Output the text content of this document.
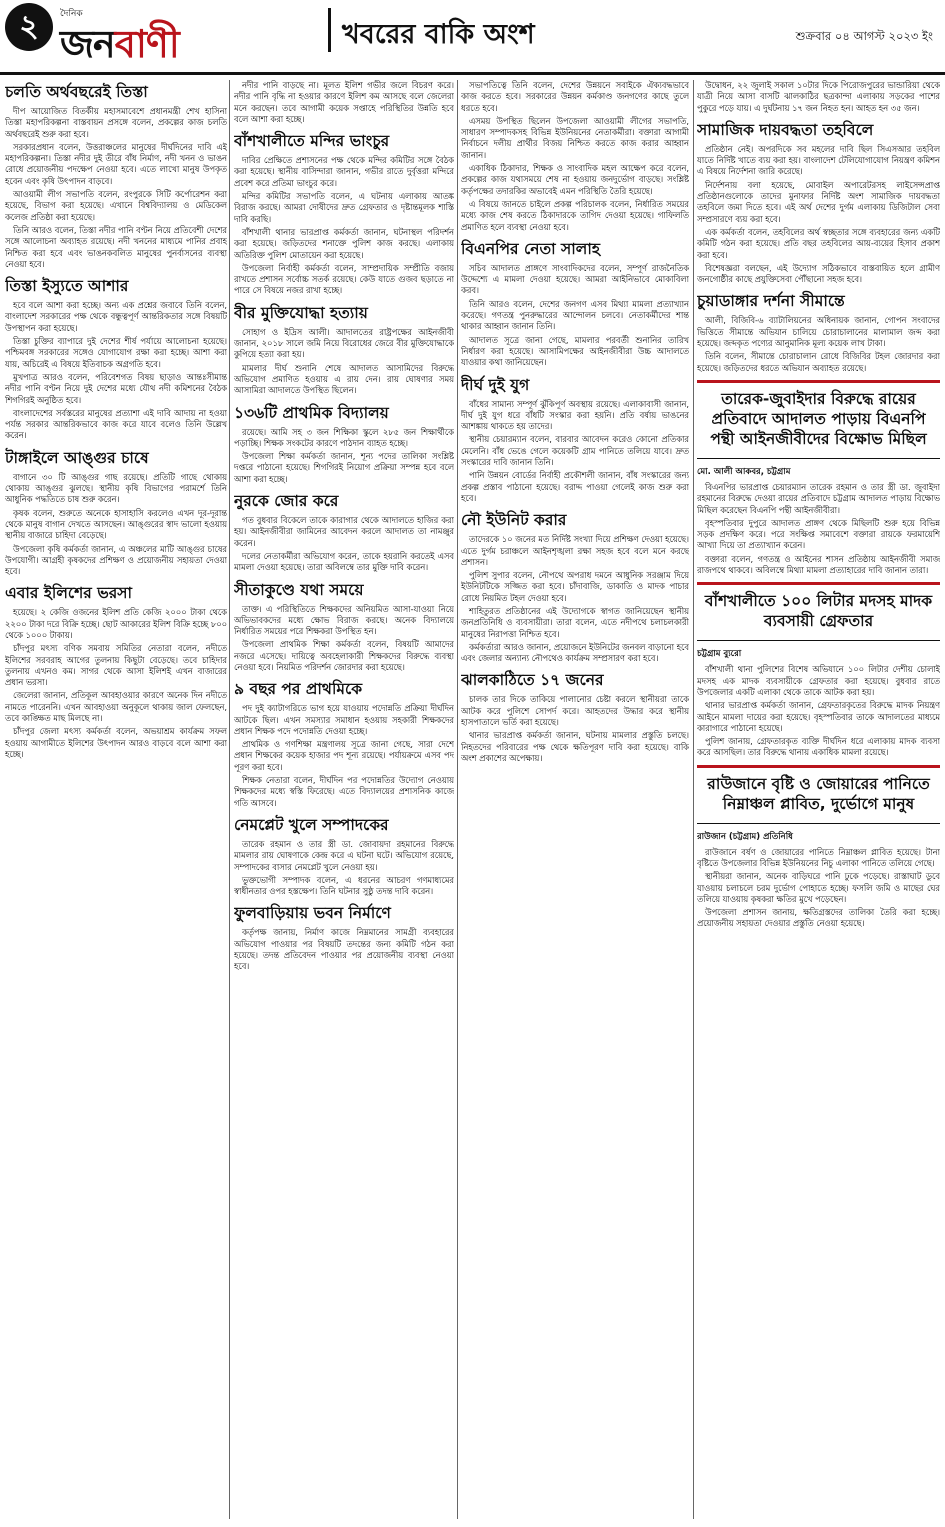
২	দৈনিক
জনবাণী	খবরের বাকি অংশ	শুক্রবার ০৪ আগস্ট ২০২৩ ইং
চলতি অর্থবছরেই তিস্তা

দীপ আয়োজিত বিতর্কীয় মহাসমাবেশে প্রধানমন্ত্রী শেখ হাসিনা তিস্তা মহাপরিকল্পনা বাস্তবায়ন প্রসঙ্গে বলেন, প্রকল্পের কাজ চলতি অর্থবছরেই শুরু করা হবে।

সরকারপ্রধান বলেন, উত্তরাঞ্চলের মানুষের দীর্ঘদিনের দাবি এই মহাপরিকল্পনা। তিস্তা নদীর দুই তীরে বাঁধ নির্মাণ, নদী খনন ও ভাঙন রোধে প্রয়োজনীয় পদক্ষেপ নেওয়া হবে। এতে লাখো মানুষ উপকৃত হবেন এবং কৃষি উৎপাদন বাড়বে।

আওয়ামী লীগ সভাপতি বলেন, রংপুরকে সিটি কর্পোরেশন করা হয়েছে, বিভাগ করা হয়েছে। এখানে বিশ্ববিদ্যালয় ও মেডিকেল কলেজ প্রতিষ্ঠা করা হয়েছে।

তিনি আরও বলেন, তিস্তা নদীর পানি বণ্টন নিয়ে প্রতিবেশী দেশের সঙ্গে আলোচনা অব্যাহত রয়েছে। নদী খননের মাধ্যমে পানির প্রবাহ নিশ্চিত করা হবে এবং ভাঙনকবলিত মানুষের পুনর্বাসনের ব্যবস্থা নেওয়া হবে।

তিস্তা ইস্যুতে আশার

হবে বলে আশা করা হচ্ছে। অন্য এক প্রশ্নের জবাবে তিনি বলেন, বাংলাদেশ সরকারের পক্ষ থেকে বন্ধুত্বপূর্ণ আন্তরিকতার সঙ্গে বিষয়টি উপস্থাপন করা হয়েছে।

তিস্তা চুক্তির ব্যাপারে দুই দেশের শীর্ষ পর্যায়ে আলোচনা হয়েছে। পশ্চিমবঙ্গ সরকারের সঙ্গেও যোগাযোগ রক্ষা করা হচ্ছে। আশা করা যায়, অচিরেই এ বিষয়ে ইতিবাচক অগ্রগতি হবে।

মুখপাত্র আরও বলেন, পরিবেশগত বিষয় ছাড়াও আন্তঃসীমান্ত নদীর পানি বণ্টন নিয়ে দুই দেশের মধ্যে যৌথ নদী কমিশনের বৈঠক শিগগিরই অনুষ্ঠিত হবে।

বাংলাদেশের সর্বস্তরের মানুষের প্রত্যাশা এই দাবি আদায় না হওয়া পর্যন্ত সরকার আন্তরিকভাবে কাজ করে যাবে বলেও তিনি উল্লেখ করেন।

টাঙ্গাইলে আঙ্গুর চাষে

বাগানে ৩০ টি আঙ্গুর গাছ রয়েছে। প্রতিটি গাছে থোকায় থোকায় আঙ্গুর ঝুলছে। স্থানীয় কৃষি বিভাগের পরামর্শে তিনি আধুনিক পদ্ধতিতে চাষ শুরু করেন।

কৃষক বলেন, শুরুতে অনেকে হাসাহাসি করলেও এখন দূর-দূরান্ত থেকে মানুষ বাগান দেখতে আসছেন। আঙ্গুরের স্বাদ ভালো হওয়ায় স্থানীয় বাজারে চাহিদা বেড়েছে।

উপজেলা কৃষি কর্মকর্তা জানান, এ অঞ্চলের মাটি আঙ্গুর চাষের উপযোগী। আগ্রহী কৃষকদের প্রশিক্ষণ ও প্রয়োজনীয় সহায়তা দেওয়া হবে।

এবার ইলিশের ভরসা

হয়েছে। ২ কেজি ওজনের ইলিশ প্রতি কেজি ২০০০ টাকা থেকে ২২০০ টাকা দরে বিক্রি হচ্ছে। ছোট আকারের ইলিশ বিক্রি হচ্ছে ৮০০ থেকে ১০০০ টাকায়।

চাঁদপুর মৎস্য বণিক সমবায় সমিতির নেতারা বলেন, নদীতে ইলিশের সরবরাহ আগের তুলনায় কিছুটা বেড়েছে। তবে চাহিদার তুলনায় এখনও কম। সাগর থেকে আসা ইলিশই এখন বাজারের প্রধান ভরসা।

জেলেরা জানান, প্রতিকূল আবহাওয়ার কারণে অনেক দিন নদীতে নামতে পারেননি। এখন আবহাওয়া অনুকূলে থাকায় জাল ফেলছেন, তবে কাঙ্ক্ষিত মাছ মিলছে না।

চাঁদপুর জেলা মৎস্য কর্মকর্তা বলেন, অভয়াশ্রম কার্যক্রম সফল হওয়ায় আগামীতে ইলিশের উৎপাদন আরও বাড়বে বলে আশা করা হচ্ছে।

নদীর পানি বাড়ছে না। মূলত ইলিশ গভীর জলে বিচরণ করে। নদীর পানি বৃদ্ধি না হওয়ার কারণে ইলিশ কম আসছে বলে জেলেরা মনে করছেন। তবে আগামী কয়েক সপ্তাহে পরিস্থিতির উন্নতি হবে বলে আশা করা হচ্ছে।

বাঁশখালীতে মন্দির ভাংচুর

দাবির প্রেক্ষিতে প্রশাসনের পক্ষ থেকে মন্দির কমিটির সঙ্গে বৈঠক করা হয়েছে। স্থানীয় বাসিন্দারা জানান, গভীর রাতে দুর্বৃত্তরা মন্দিরে প্রবেশ করে প্রতিমা ভাংচুর করে।

মন্দির কমিটির সভাপতি বলেন, এ ঘটনায় এলাকায় আতঙ্ক বিরাজ করছে। আমরা দোষীদের দ্রুত গ্রেফতার ও দৃষ্টান্তমূলক শাস্তি দাবি করছি।

বাঁশখালী থানার ভারপ্রাপ্ত কর্মকর্তা জানান, ঘটনাস্থল পরিদর্শন করা হয়েছে। জড়িতদের শনাক্তে পুলিশ কাজ করছে। এলাকায় অতিরিক্ত পুলিশ মোতায়েন করা হয়েছে।

উপজেলা নির্বাহী কর্মকর্তা বলেন, সাম্প্রদায়িক সম্প্রীতি বজায় রাখতে প্রশাসন সর্বোচ্চ সতর্ক রয়েছে। কেউ যাতে গুজব ছড়াতে না পারে সে বিষয়ে নজর রাখা হচ্ছে।

বীর মুক্তিযোদ্ধা হত্যায়

সোহাগ ও ইদ্রিস আলী। আদালতের রাষ্ট্রপক্ষের আইনজীবী জানান, ২০১৮ সালে জমি নিয়ে বিরোধের জেরে বীর মুক্তিযোদ্ধাকে কুপিয়ে হত্যা করা হয়।

মামলার দীর্ঘ শুনানি শেষে আদালত আসামিদের বিরুদ্ধে অভিযোগ প্রমাণিত হওয়ায় এ রায় দেন। রায় ঘোষণার সময় আসামিরা আদালতে উপস্থিত ছিলেন।

১৩৬টি প্রাথমিক বিদ্যালয়

রয়েছে। আমি সহ ৩ জন শিক্ষিকা স্কুলে ২৮৫ জন শিক্ষার্থীকে পড়াচ্ছি। শিক্ষক সংকটের কারণে পাঠদান ব্যাহত হচ্ছে।

উপজেলা শিক্ষা কর্মকর্তা জানান, শূন্য পদের তালিকা সংশ্লিষ্ট দপ্তরে পাঠানো হয়েছে। শিগগিরই নিয়োগ প্রক্রিয়া সম্পন্ন হবে বলে আশা করা হচ্ছে।

নুরকে জোর করে

গত বুধবার বিকেলে তাকে কারাগার থেকে আদালতে হাজির করা হয়। আইনজীবীরা জামিনের আবেদন করলে আদালত তা নামঞ্জুর করেন।

দলের নেতাকর্মীরা অভিযোগ করেন, তাকে হয়রানি করতেই এসব মামলা দেওয়া হয়েছে। তারা অবিলম্বে তার মুক্তি দাবি করেন।

সীতাকুণ্ডে যথা সময়ে

তাক্ত। এ পরিস্থিতিতে শিক্ষকদের অনিয়মিত আসা-যাওয়া নিয়ে অভিভাবকদের মধ্যে ক্ষোভ বিরাজ করছে। অনেক বিদ্যালয়ে নির্ধারিত সময়ের পরে শিক্ষকরা উপস্থিত হন।

উপজেলা প্রাথমিক শিক্ষা কর্মকর্তা বলেন, বিষয়টি আমাদের নজরে এসেছে। দায়িত্বে অবহেলাকারী শিক্ষকদের বিরুদ্ধে ব্যবস্থা নেওয়া হবে। নিয়মিত পরিদর্শন জোরদার করা হয়েছে।

৯ বছর পর প্রাথমিকে

পদ দুই ক্যাটাগরিতে ভাগ হয়ে যাওয়ায় পদোন্নতি প্রক্রিয়া দীর্ঘদিন আটকে ছিল। এখন সমস্যার সমাধান হওয়ায় সহকারী শিক্ষকদের প্রধান শিক্ষক পদে পদোন্নতি দেওয়া হচ্ছে।

প্রাথমিক ও গণশিক্ষা মন্ত্রণালয় সূত্রে জানা গেছে, সারা দেশে প্রধান শিক্ষকের কয়েক হাজার পদ শূন্য রয়েছে। পর্যায়ক্রমে এসব পদ পূরণ করা হবে।

শিক্ষক নেতারা বলেন, দীর্ঘদিন পর পদোন্নতির উদ্যোগ নেওয়ায় শিক্ষকদের মধ্যে স্বস্তি ফিরেছে। এতে বিদ্যালয়ের প্রশাসনিক কাজে গতি আসবে।

নেমপ্লেট খুলে সম্পাদকের

তারেক রহমান ও তার স্ত্রী ডা. জোবায়দা রহমানের বিরুদ্ধে মামলার রায় ঘোষণাকে কেন্দ্র করে এ ঘটনা ঘটে। অভিযোগ রয়েছে, সম্পাদকের বাসার নেমপ্লেট খুলে নেওয়া হয়।

ভুক্তভোগী সম্পাদক বলেন, এ ধরনের আচরণ গণমাধ্যমের স্বাধীনতার ওপর হস্তক্ষেপ। তিনি ঘটনার সুষ্ঠু তদন্ত দাবি করেন।

ফুলবাড়িয়ায় ভবন নির্মাণে

কর্তৃপক্ষ জানায়, নির্মাণ কাজে নিম্নমানের সামগ্রী ব্যবহারের অভিযোগ পাওয়ার পর বিষয়টি তদন্তের জন্য কমিটি গঠন করা হয়েছে। তদন্ত প্রতিবেদন পাওয়ার পর প্রয়োজনীয় ব্যবস্থা নেওয়া হবে।

সভাপতিত্বে তিনি বলেন, দেশের উন্নয়নে সবাইকে ঐক্যবদ্ধভাবে কাজ করতে হবে। সরকারের উন্নয়ন কর্মকাণ্ড জনগণের কাছে তুলে ধরতে হবে।

এসময় উপস্থিত ছিলেন উপজেলা আওয়ামী লীগের সভাপতি, সাধারণ সম্পাদকসহ বিভিন্ন ইউনিয়নের নেতাকর্মীরা। বক্তারা আগামী নির্বাচনে দলীয় প্রার্থীর বিজয় নিশ্চিত করতে কাজ করার আহ্বান জানান।

একাধিক ঠিকাদার, শিক্ষক ও সাংবাদিক মহল আক্ষেপ করে বলেন, প্রকল্পের কাজ যথাসময়ে শেষ না হওয়ায় জনদুর্ভোগ বাড়ছে। সংশ্লিষ্ট কর্তৃপক্ষের তদারকির অভাবেই এমন পরিস্থিতি তৈরি হয়েছে।

এ বিষয়ে জানতে চাইলে প্রকল্প পরিচালক বলেন, নির্ধারিত সময়ের মধ্যে কাজ শেষ করতে ঠিকাদারকে তাগিদ দেওয়া হয়েছে। গাফিলতি প্রমাণিত হলে ব্যবস্থা নেওয়া হবে।

বিএনপির নেতা সালাহ

সচিব আদালত প্রাঙ্গণে সাংবাদিকদের বলেন, সম্পূর্ণ রাজনৈতিক উদ্দেশ্যে এ মামলা দেওয়া হয়েছে। আমরা আইনিভাবে মোকাবিলা করব।

তিনি আরও বলেন, দেশের জনগণ এসব মিথ্যা মামলা প্রত্যাখ্যান করেছে। গণতন্ত্র পুনরুদ্ধারের আন্দোলন চলবে। নেতাকর্মীদের শান্ত থাকার আহ্বান জানান তিনি।

আদালত সূত্রে জানা গেছে, মামলার পরবর্তী শুনানির তারিখ নির্ধারণ করা হয়েছে। আসামিপক্ষের আইনজীবীরা উচ্চ আদালতে যাওয়ার কথা জানিয়েছেন।

দীর্ঘ দুই যুগ

বাঁধের সামান্য সম্পূর্ণ ঝুঁকিপূর্ণ অবস্থায় রয়েছে। এলাকাবাসী জানান, দীর্ঘ দুই যুগ ধরে বাঁধটি সংস্কার করা হয়নি। প্রতি বর্ষায় ভাঙনের আশঙ্কায় থাকতে হয় তাদের।

স্থানীয় চেয়ারম্যান বলেন, বারবার আবেদন করেও কোনো প্রতিকার মেলেনি। বাঁধ ভেঙে গেলে কয়েকটি গ্রাম পানিতে তলিয়ে যাবে। দ্রুত সংস্কারের দাবি জানান তিনি।

পানি উন্নয়ন বোর্ডের নির্বাহী প্রকৌশলী জানান, বাঁধ সংস্কারের জন্য প্রকল্প প্রস্তাব পাঠানো হয়েছে। বরাদ্দ পাওয়া গেলেই কাজ শুরু করা হবে।

নৌ ইউনিট করার

তাদেরকে ১০ জনের মত নির্দিষ্ট সংখ্যা দিয়ে প্রশিক্ষণ দেওয়া হয়েছে। এতে দুর্গম চরাঞ্চলে আইনশৃঙ্খলা রক্ষা সহজ হবে বলে মনে করছে প্রশাসন।

পুলিশ সুপার বলেন, নৌপথে অপরাধ দমনে আধুনিক সরঞ্জাম দিয়ে ইউনিটটিকে সজ্জিত করা হবে। চাঁদাবাজি, ডাকাতি ও মাদক পাচার রোধে নিয়মিত টহল দেওয়া হবে।

শাহিতুরত প্রতিষ্ঠানের এই উদ্যোগকে স্বাগত জানিয়েছেন স্থানীয় জনপ্রতিনিধি ও ব্যবসায়ীরা। তারা বলেন, এতে নদীপথে চলাচলকারী মানুষের নিরাপত্তা নিশ্চিত হবে।

কর্মকর্তারা আরও জানান, প্রয়োজনে ইউনিটের জনবল বাড়ানো হবে এবং জেলার অন্যান্য নৌপথেও কার্যক্রম সম্প্রসারণ করা হবে।

ঝালকাঠিতে ১৭ জনের

চালক তার দিকে তাকিয়ে পালানোর চেষ্টা করলে স্থানীয়রা তাকে আটক করে পুলিশে সোপর্দ করে। আহতদের উদ্ধার করে স্থানীয় হাসপাতালে ভর্তি করা হয়েছে।

থানার ভারপ্রাপ্ত কর্মকর্তা জানান, ঘটনায় মামলার প্রস্তুতি চলছে। নিহতদের পরিবারের পক্ষ থেকে ক্ষতিপূরণ দাবি করা হয়েছে। বাকি অংশ প্রকাশের অপেক্ষায়।

উদ্বোধন, ২২ জুলাই সকাল ১০টার দিকে পিরোজপুরের ভান্ডারিয়া থেকে যাত্রী নিয়ে আসা বাসটি ঝালকাঠির ছত্রকান্দা এলাকায় সড়কের পাশের পুকুরে পড়ে যায়। এ দুর্ঘটনায় ১৭ জন নিহত হন। আহত হন ৩৫ জন।

সামাজিক দায়বদ্ধতা তহবিলে

প্রতিষ্ঠান নেই। অপরদিকে সব মহলের দাবি ছিল সিএসআর তহবিল যাতে নির্দিষ্ট খাতে ব্যয় করা হয়। বাংলাদেশ টেলিযোগাযোগ নিয়ন্ত্রণ কমিশন এ বিষয়ে নির্দেশনা জারি করেছে।

নির্দেশনায় বলা হয়েছে, মোবাইল অপারেটরসহ লাইসেন্সপ্রাপ্ত প্রতিষ্ঠানগুলোকে তাদের মুনাফার নির্দিষ্ট অংশ সামাজিক দায়বদ্ধতা তহবিলে জমা দিতে হবে। এই অর্থ দেশের দুর্গম এলাকায় ডিজিটাল সেবা সম্প্রসারণে ব্যয় করা হবে।

এক কর্মকর্তা বলেন, তহবিলের অর্থ স্বচ্ছতার সঙ্গে ব্যবহারের জন্য একটি কমিটি গঠন করা হয়েছে। প্রতি বছর তহবিলের আয়-ব্যয়ের হিসাব প্রকাশ করা হবে।

বিশেষজ্ঞরা বলছেন, এই উদ্যোগ সঠিকভাবে বাস্তবায়িত হলে গ্রামীণ জনগোষ্ঠীর কাছে প্রযুক্তিসেবা পৌঁছানো সহজ হবে।

চুয়াডাঙ্গার দর্শনা সীমান্তে

আলী, বিজিবি-৬ ব্যাটালিয়নের অধিনায়ক জানান, গোপন সংবাদের ভিত্তিতে সীমান্তে অভিযান চালিয়ে চোরাচালানের মালামাল জব্দ করা হয়েছে। জব্দকৃত পণ্যের আনুমানিক মূল্য কয়েক লাখ টাকা।

তিনি বলেন, সীমান্তে চোরাচালান রোধে বিজিবির টহল জোরদার করা হয়েছে। জড়িতদের ধরতে অভিযান অব্যাহত রয়েছে।

তারেক-জুবাইদার বিরুদ্ধে রায়ের প্রতিবাদে আদালত পাড়ায় বিএনপি পন্থী আইনজীবীদের বিক্ষোভ মিছিল
মো. আলী আকবর, চট্টগ্রাম

বিএনপির ভারপ্রাপ্ত চেয়ারম্যান তারেক রহমান ও তার স্ত্রী ডা. জুবাইদা রহমানের বিরুদ্ধে দেওয়া রায়ের প্রতিবাদে চট্টগ্রাম আদালত পাড়ায় বিক্ষোভ মিছিল করেছেন বিএনপি পন্থী আইনজীবীরা।

বৃহস্পতিবার দুপুরে আদালত প্রাঙ্গণ থেকে মিছিলটি শুরু হয়ে বিভিন্ন সড়ক প্রদক্ষিণ করে। পরে সংক্ষিপ্ত সমাবেশে বক্তারা রায়কে ফরমায়েশি আখ্যা দিয়ে তা প্রত্যাখ্যান করেন।

বক্তারা বলেন, গণতন্ত্র ও আইনের শাসন প্রতিষ্ঠায় আইনজীবী সমাজ রাজপথে থাকবে। অবিলম্বে মিথ্যা মামলা প্রত্যাহারের দাবি জানান তারা।

বাঁশখালীতে ১০০ লিটার মদসহ মাদক ব্যবসায়ী গ্রেফতার
চট্টগ্রাম ব্যুরো

বাঁশখালী থানা পুলিশের বিশেষ অভিযানে ১০০ লিটার দেশীয় চোলাই মদসহ এক মাদক ব্যবসায়ীকে গ্রেফতার করা হয়েছে। বুধবার রাতে উপজেলার একটি এলাকা থেকে তাকে আটক করা হয়।

থানার ভারপ্রাপ্ত কর্মকর্তা জানান, গ্রেফতারকৃতের বিরুদ্ধে মাদক নিয়ন্ত্রণ আইনে মামলা দায়ের করা হয়েছে। বৃহস্পতিবার তাকে আদালতের মাধ্যমে কারাগারে পাঠানো হয়েছে।

পুলিশ জানায়, গ্রেফতারকৃত ব্যক্তি দীর্ঘদিন ধরে এলাকায় মাদক ব্যবসা করে আসছিল। তার বিরুদ্ধে থানায় একাধিক মামলা রয়েছে।

রাউজানে বৃষ্টি ও জোয়ারের পানিতে নিম্নাঞ্চল প্লাবিত, দুর্ভোগে মানুষ
রাউজান (চট্টগ্রাম) প্রতিনিধি

রাউজানে বর্ষণ ও জোয়ারের পানিতে নিম্নাঞ্চল প্লাবিত হয়েছে। টানা বৃষ্টিতে উপজেলার বিভিন্ন ইউনিয়নের নিচু এলাকা পানিতে তলিয়ে গেছে।

স্থানীয়রা জানান, অনেক বাড়িঘরে পানি ঢুকে পড়েছে। রাস্তাঘাট ডুবে যাওয়ায় চলাচলে চরম দুর্ভোগ পোহাতে হচ্ছে। ফসলি জমি ও মাছের ঘের তলিয়ে যাওয়ায় কৃষকরা ক্ষতির মুখে পড়েছেন।

উপজেলা প্রশাসন জানায়, ক্ষতিগ্রস্তদের তালিকা তৈরি করা হচ্ছে। প্রয়োজনীয় সহায়তা দেওয়ার প্রস্তুতি নেওয়া হয়েছে।
